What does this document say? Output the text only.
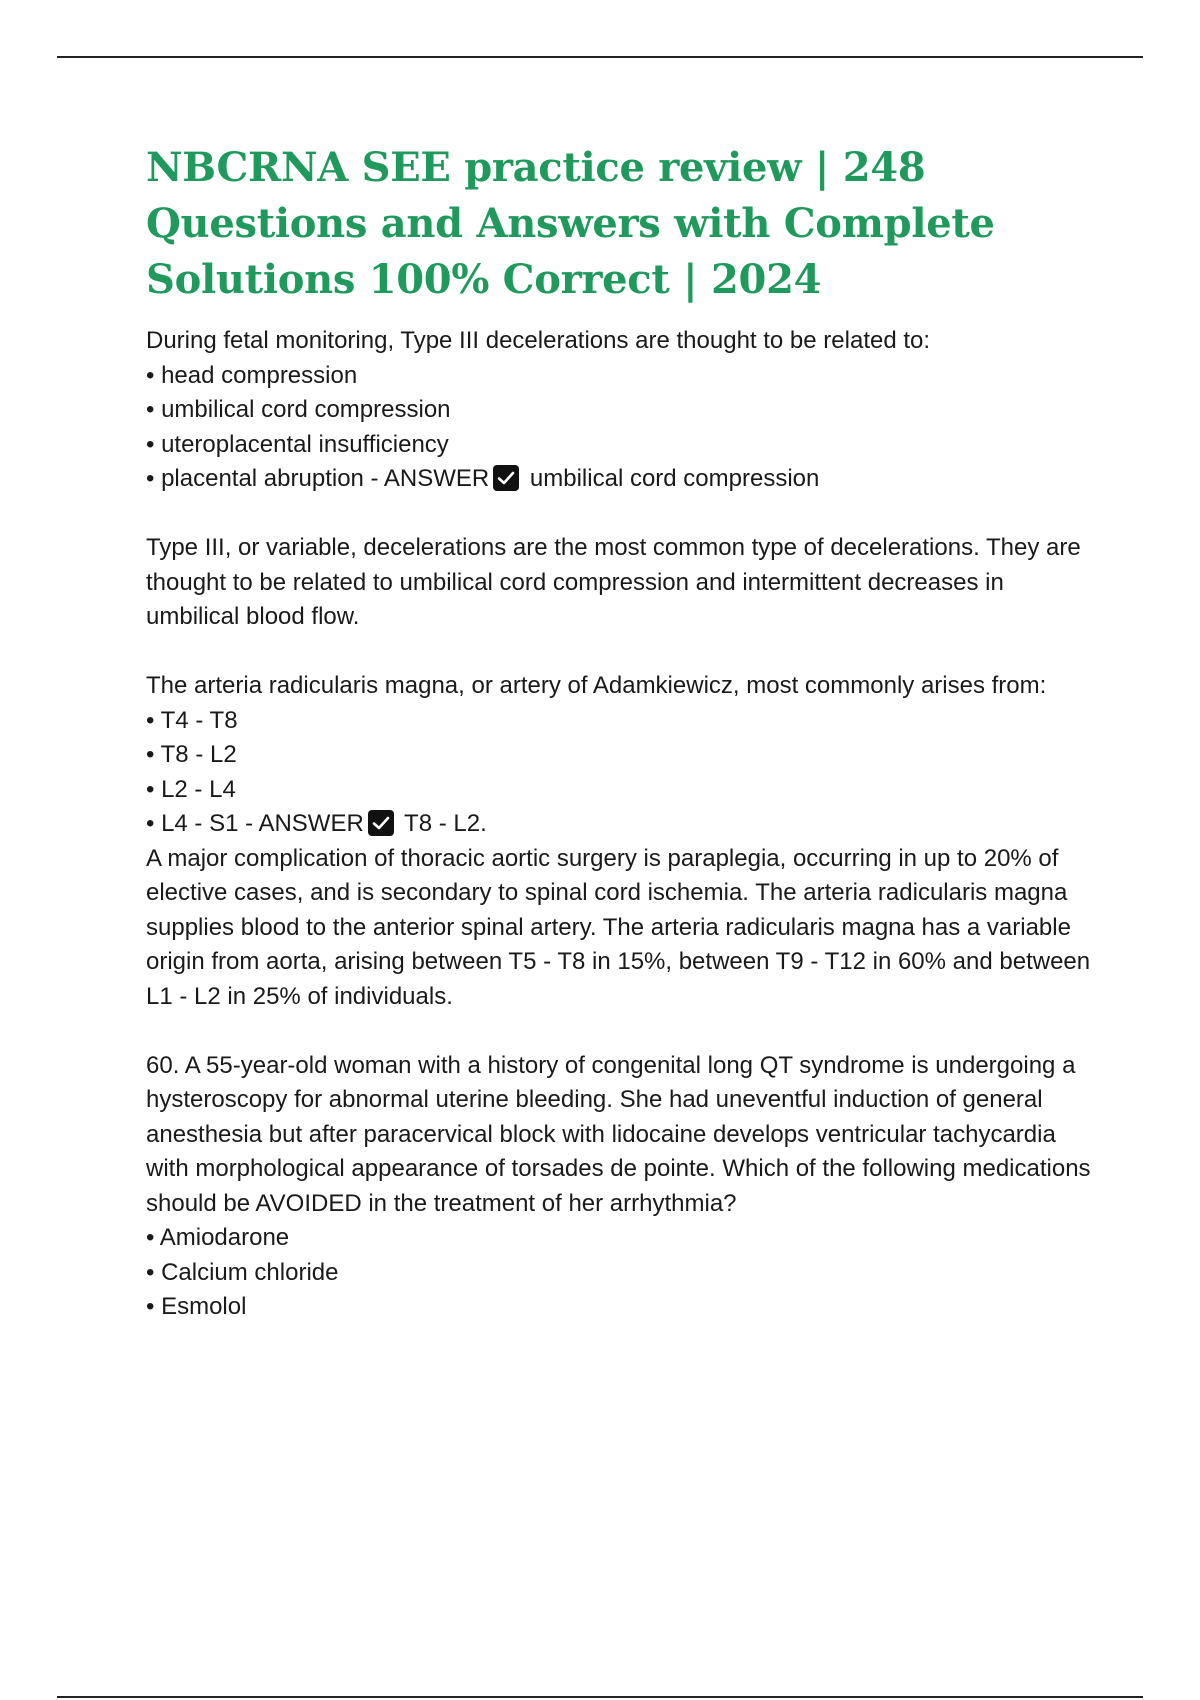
NBCRNA SEE practice review | 248 Questions and Answers with Complete Solutions 100% Correct | 2024
During fetal monitoring, Type III decelerations are thought to be related to:
• head compression
• umbilical cord compression
• uteroplacental insufficiency
• placental abruption - ANSWER umbilical cord compression

Type III, or variable, decelerations are the most common type of decelerations. They are thought to be related to umbilical cord compression and intermittent decreases in umbilical blood flow.

The arteria radicularis magna, or artery of Adamkiewicz, most commonly arises from:

• T4 - T8
• T8 - L2
• L2 - L4
• L4 - S1 - ANSWER T8 - L2.

A major complication of thoracic aortic surgery is paraplegia, occurring in up to 20% of elective cases, and is secondary to spinal cord ischemia. The arteria radicularis magna supplies blood to the anterior spinal artery. The arteria radicularis magna has a variable origin from aorta, arising between T5 - T8 in 15%, between T9 - T12 in 60% and between L1 - L2 in 25% of individuals.

60. A 55-year-old woman with a history of congenital long QT syndrome is undergoing a hysteroscopy for abnormal uterine bleeding. She had uneventful induction of general anesthesia but after paracervical block with lidocaine develops ventricular tachycardia with morphological appearance of torsades de pointe. Which of the following medications should be AVOIDED in the treatment of her arrhythmia?

• Amiodarone
• Calcium chloride
• Esmolol
